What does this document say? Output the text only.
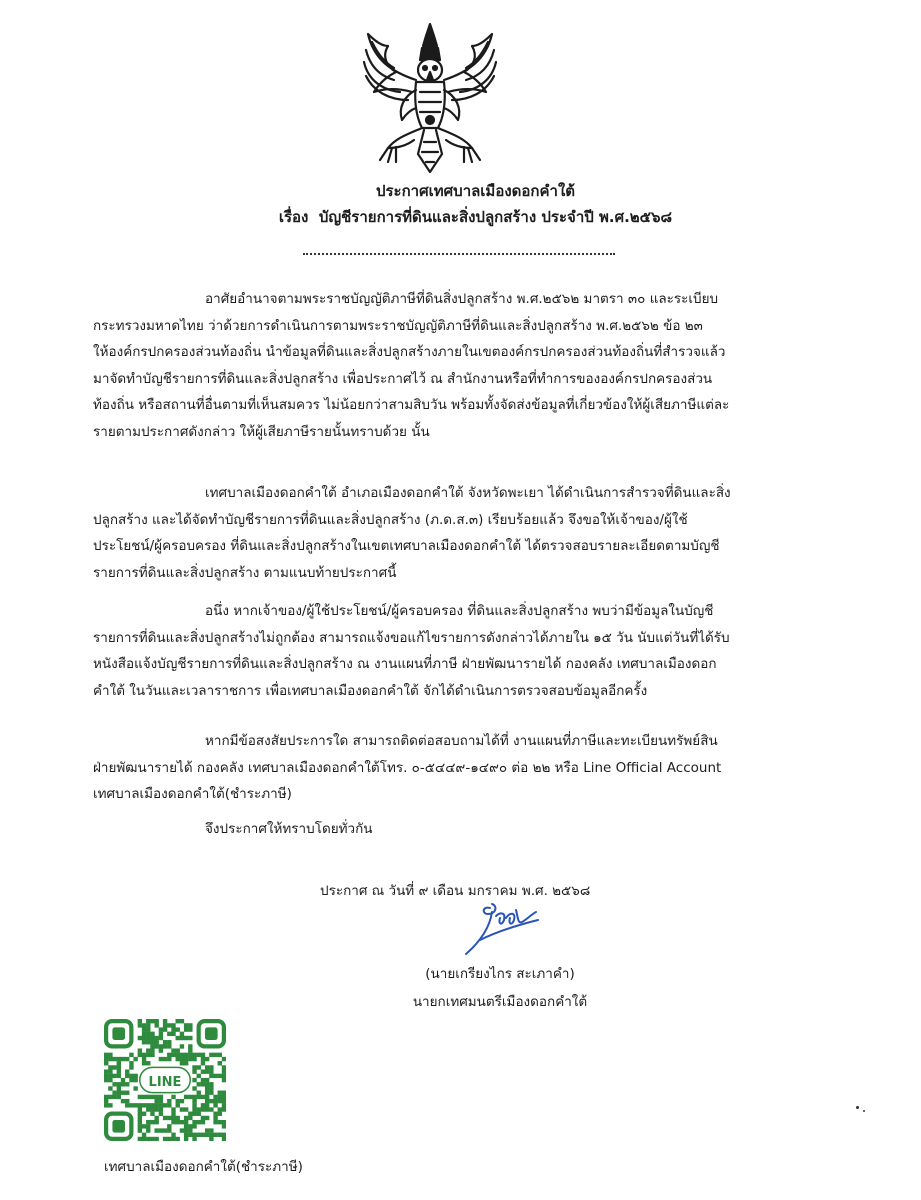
ประกาศเทศบาลเมืองดอกคำใต้
เรื่อง บัญชีรายการที่ดินและสิ่งปลูกสร้าง ประจำปี พ.ศ.๒๕๖๘
อาศัยอำนาจตามพระราชบัญญัติภาษีที่ดินสิ่งปลูกสร้าง พ.ศ.๒๕๖๒ มาตรา ๓๐ และระเบียบ
กระทรวงมหาดไทย ว่าด้วยการดำเนินการตามพระราชบัญญัติภาษีที่ดินและสิ่งปลูกสร้าง พ.ศ.๒๕๖๒ ข้อ ๒๓
ให้องค์กรปกครองส่วนท้องถิ่น นำข้อมูลที่ดินและสิ่งปลูกสร้างภายในเขตองค์กรปกครองส่วนท้องถิ่นที่สำรวจแล้ว
มาจัดทำบัญชีรายการที่ดินและสิ่งปลูกสร้าง เพื่อประกาศไว้ ณ สำนักงานหรือที่ทำการขององค์กรปกครองส่วน
ท้องถิ่น หรือสถานที่อื่นตามที่เห็นสมควร ไม่น้อยกว่าสามสิบวัน พร้อมทั้งจัดส่งข้อมูลที่เกี่ยวข้องให้ผู้เสียภาษีแต่ละ
รายตามประกาศดังกล่าว ให้ผู้เสียภาษีรายนั้นทราบด้วย นั้น
เทศบาลเมืองดอกคำใต้ อำเภอเมืองดอกคำใต้ จังหวัดพะเยา ได้ดำเนินการสำรวจที่ดินและสิ่ง
ปลูกสร้าง และได้จัดทำบัญชีรายการที่ดินและสิ่งปลูกสร้าง (ภ.ด.ส.๓) เรียบร้อยแล้ว จึงขอให้เจ้าของ/ผู้ใช้
ประโยชน์/ผู้ครอบครอง ที่ดินและสิ่งปลูกสร้างในเขตเทศบาลเมืองดอกคำใต้ ได้ตรวจสอบรายละเอียดตามบัญชี
รายการที่ดินและสิ่งปลูกสร้าง ตามแนบท้ายประกาศนี้
อนึ่ง หากเจ้าของ/ผู้ใช้ประโยชน์/ผู้ครอบครอง ที่ดินและสิ่งปลูกสร้าง พบว่ามีข้อมูลในบัญชี
รายการที่ดินและสิ่งปลูกสร้างไม่ถูกต้อง สามารถแจ้งขอแก้ไขรายการดังกล่าวได้ภายใน ๑๕ วัน นับแต่วันที่ได้รับ
หนังสือแจ้งบัญชีรายการที่ดินและสิ่งปลูกสร้าง ณ งานแผนที่ภาษี ฝ่ายพัฒนารายได้ กองคลัง เทศบาลเมืองดอก
คำใต้ ในวันและเวลาราชการ เพื่อเทศบาลเมืองดอกคำใต้ จักได้ดำเนินการตรวจสอบข้อมูลอีกครั้ง
หากมีข้อสงสัยประการใด สามารถติดต่อสอบถามได้ที่ งานแผนที่ภาษีและทะเบียนทรัพย์สิน
ฝ่ายพัฒนารายได้ กองคลัง เทศบาลเมืองดอกคำใต้โทร. ๐-๕๔๔๙-๑๔๙๐ ต่อ ๒๒ หรือ Line Official Account
เทศบาลเมืองดอกคำใต้(ชำระภาษี)
จึงประกาศให้ทราบโดยทั่วกัน
ประกาศ ณ วันที่ ๙ เดือน มกราคม พ.ศ. ๒๕๖๘
(นายเกรียงไกร สะเภาคำ)
นายกเทศมนตรีเมืองดอกคำใต้
LINE
เทศบาลเมืองดอกคำใต้(ชำระภาษี)
